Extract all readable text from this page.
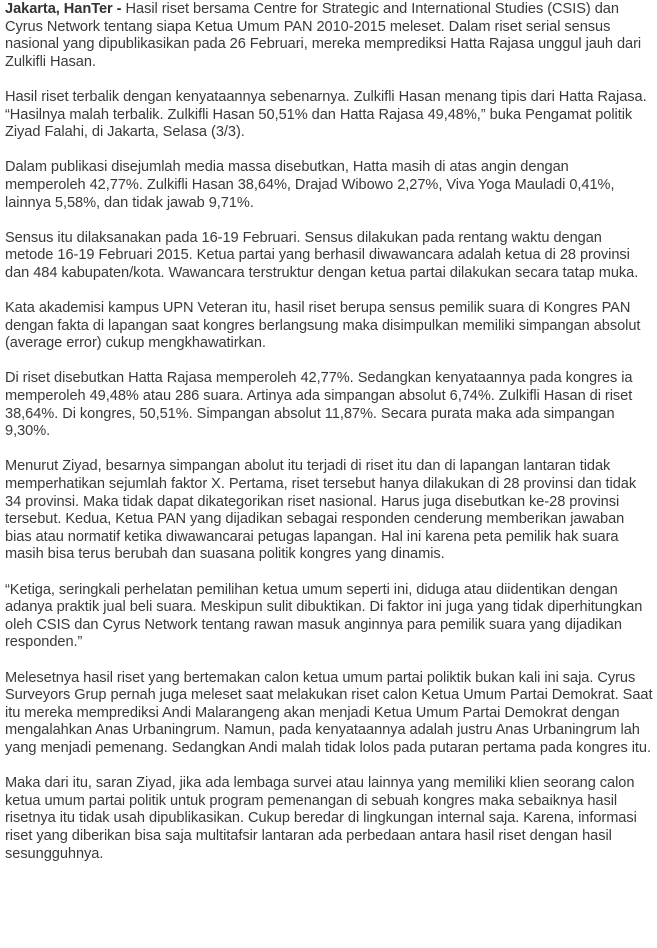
Jakarta, HanTer - Hasil riset bersama Centre for Strategic and International Studies (CSIS) dan Cyrus Network tentang siapa Ketua Umum PAN 2010-2015 meleset. Dalam riset serial sensus nasional yang dipublikasikan pada 26 Februari, mereka memprediksi Hatta Rajasa unggul jauh dari Zulkifli Hasan.

Hasil riset terbalik dengan kenyataannya sebenarnya. Zulkifli Hasan menang tipis dari Hatta Rajasa. “Hasilnya malah terbalik. Zulkifli Hasan 50,51% dan Hatta Rajasa 49,48%,” buka Pengamat politik Ziyad Falahi, di Jakarta, Selasa (3/3).

Dalam publikasi disejumlah media massa disebutkan, Hatta masih di atas angin dengan memperoleh 42,77%. Zulkifli Hasan 38,64%, Drajad Wibowo 2,27%, Viva Yoga Mauladi 0,41%, lainnya 5,58%, dan tidak jawab 9,71%.

Sensus itu dilaksanakan pada 16-19 Februari. Sensus dilakukan pada rentang waktu dengan metode 16-19 Februari 2015. Ketua partai yang berhasil diwawancara adalah ketua di 28 provinsi dan 484 kabupaten/kota. Wawancara terstruktur dengan ketua partai dilakukan secara tatap muka.

Kata akademisi kampus UPN Veteran itu, hasil riset berupa sensus pemilik suara di Kongres PAN dengan fakta di lapangan saat kongres berlangsung maka disimpulkan memiliki simpangan absolut (average error) cukup mengkhawatirkan.

Di riset disebutkan Hatta Rajasa memperoleh 42,77%. Sedangkan kenyataannya pada kongres ia memperoleh 49,48% atau 286 suara. Artinya ada simpangan absolut 6,74%. Zulkifli Hasan di riset 38,64%. Di kongres, 50,51%. Simpangan absolut 11,87%. Secara purata maka ada simpangan 9,30%.

Menurut Ziyad, besarnya simpangan abolut itu terjadi di riset itu dan di lapangan lantaran tidak memperhatikan sejumlah faktor X. Pertama, riset tersebut hanya dilakukan di 28 provinsi dan tidak 34 provinsi. Maka tidak dapat dikategorikan riset nasional. Harus juga disebutkan ke-28 provinsi tersebut. Kedua, Ketua PAN yang dijadikan sebagai responden cenderung memberikan jawaban bias atau normatif ketika diwawancarai petugas lapangan. Hal ini karena peta pemilik hak suara masih bisa terus berubah dan suasana politik kongres yang dinamis.

“Ketiga, seringkali perhelatan pemilihan ketua umum seperti ini, diduga atau diidentikan dengan adanya praktik jual beli suara. Meskipun sulit dibuktikan. Di faktor ini juga yang tidak diperhitungkan oleh CSIS dan Cyrus Network tentang rawan masuk anginnya para pemilik suara yang dijadikan responden.”

Melesetnya hasil riset yang bertemakan calon ketua umum partai poliktik bukan kali ini saja. Cyrus Surveyors Grup pernah juga meleset saat melakukan riset calon Ketua Umum Partai Demokrat. Saat itu mereka memprediksi Andi Malarangeng akan menjadi Ketua Umum Partai Demokrat dengan mengalahkan Anas Urbaningrum. Namun, pada kenyataannya adalah justru Anas Urbaningrum lah yang menjadi pemenang. Sedangkan Andi malah tidak lolos pada putaran pertama pada kongres itu.

Maka dari itu, saran Ziyad, jika ada lembaga survei atau lainnya yang memiliki klien seorang calon ketua umum partai politik untuk program pemenangan di sebuah kongres maka sebaiknya hasil risetnya itu tidak usah dipublikasikan. Cukup beredar di lingkungan internal saja. Karena, informasi riset yang diberikan bisa saja multitafsir lantaran ada perbedaan antara hasil riset dengan hasil sesungguhnya.
